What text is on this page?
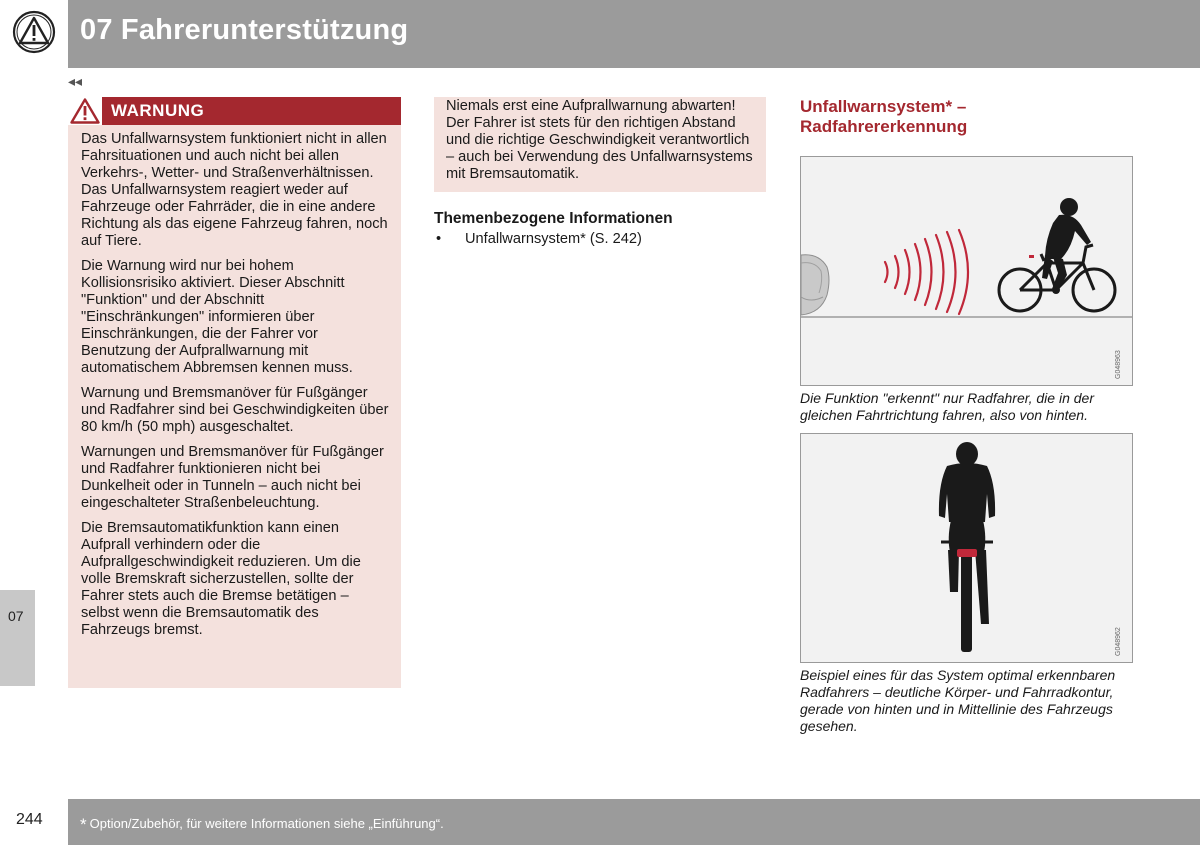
07 Fahrerunterstützung
◂◂
07
WARNUNG

Das Unfallwarnsystem funktioniert nicht in allen Fahrsituationen und auch nicht bei allen Verkehrs-, Wetter- und Straßenverhältnissen. Das Unfallwarnsystem reagiert weder auf Fahrzeuge oder Fahrräder, die in eine andere Richtung als das eigene Fahrzeug fahren, noch auf Tiere.

Die Warnung wird nur bei hohem Kollisionsrisiko aktiviert. Dieser Abschnitt "Funktion" und der Abschnitt "Einschränkungen" informieren über Einschränkungen, die der Fahrer vor Benutzung der Aufprallwarnung mit automatischem Abbremsen kennen muss.

Warnung und Bremsmanöver für Fußgänger und Radfahrer sind bei Geschwindigkeiten über 80 km/h (50 mph) ausgeschaltet.

Warnungen und Bremsmanöver für Fußgänger und Radfahrer funktionieren nicht bei Dunkelheit oder in Tunneln – auch nicht bei eingeschalteter Straßenbeleuchtung.

Die Bremsautomatikfunktion kann einen Aufprall verhindern oder die Aufprallgeschwindigkeit reduzieren. Um die volle Bremskraft sicherzustellen, sollte der Fahrer stets auch die Bremse betätigen – selbst wenn die Bremsautomatik des Fahrzeugs bremst.

Niemals erst eine Aufprallwarnung abwarten! Der Fahrer ist stets für den richtigen Abstand und die richtige Geschwindigkeit verantwortlich – auch bei Verwendung des Unfallwarnsystems mit Bremsautomatik.

Themenbezogene Informationen
• Unfallwarnsystem* (S. 242)
Unfallwarnsystem* –
Radfahrererkennung
G048963
Die Funktion "erkennt" nur Radfahrer, die in der gleichen Fahrtrichtung fahren, also von hinten.
G048962
Beispiel eines für das System optimal erkennbaren Radfahrers – deutliche Körper- und Fahrradkontur, gerade von hinten und in Mittellinie des Fahrzeugs gesehen.
244 * Option/Zubehör, für weitere Informationen siehe „Einführung“.
